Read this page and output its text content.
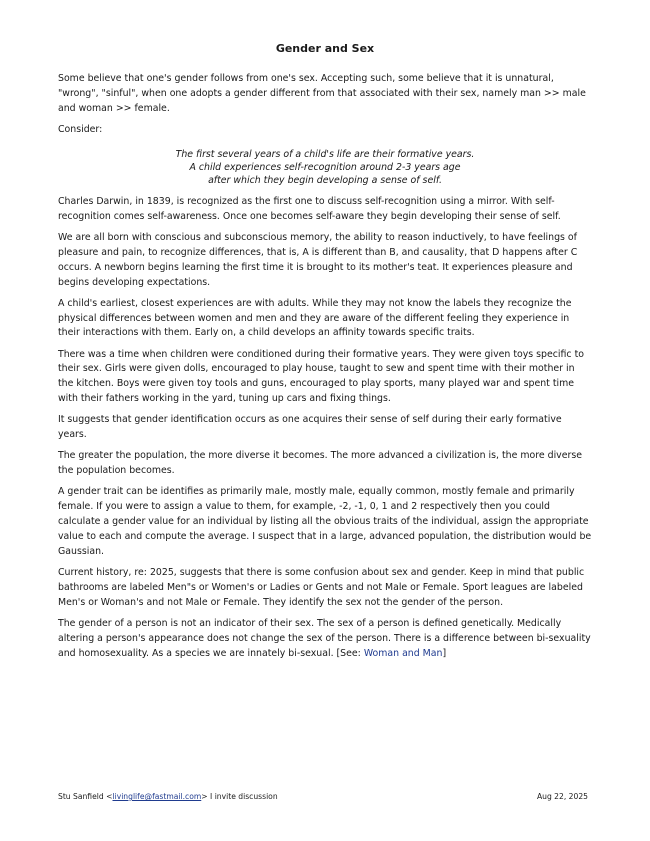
Gender and Sex

Some believe that one's gender follows from one's sex. Accepting such, some believe that it is unnatural, "wrong", "sinful", when one adopts a gender different from that associated with their sex, namely man >> male and woman >> female.

Consider:

The first several years of a child's life are their formative years.
A child experiences self-recognition around 2-3 years age
after which they begin developing a sense of self.

Charles Darwin, in 1839, is recognized as the first one to discuss self-recognition using a mirror. With self-recognition comes self-awareness. Once one becomes self-aware they begin developing their sense of self.

We are all born with conscious and subconscious memory, the ability to reason inductively, to have feelings of pleasure and pain, to recognize differences, that is, A is different than B, and causality, that D happens after C occurs. A newborn begins learning the first time it is brought to its mother's teat. It experiences pleasure and begins developing expectations.

A child's earliest, closest experiences are with adults. While they may not know the labels they recognize the physical differences between women and men and they are aware of the different feeling they experience in their interactions with them. Early on, a child develops an affinity towards specific traits.

There was a time when children were conditioned during their formative years. They were given toys specific to their sex. Girls were given dolls, encouraged to play house, taught to sew and spent time with their mother in the kitchen. Boys were given toy tools and guns, encouraged to play sports, many played war and spent time with their fathers working in the yard, tuning up cars and fixing things.

It suggests that gender identification occurs as one acquires their sense of self during their early formative years.

The greater the population, the more diverse it becomes. The more advanced a civilization is, the more diverse the population becomes.

A gender trait can be identifies as primarily male, mostly male, equally common, mostly female and primarily female. If you were to assign a value to them, for example, -2, -1, 0, 1 and 2 respectively then you could calculate a gender value for an individual by listing all the obvious traits of the individual, assign the appropriate value to each and compute the average. I suspect that in a large, advanced population, the distribution would be Gaussian.

Current history, re: 2025, suggests that there is some confusion about sex and gender. Keep in mind that public bathrooms are labeled Men"s or Women's or Ladies or Gents and not Male or Female. Sport leagues are labeled Men's or Woman's and not Male or Female. They identify the sex not the gender of the person.

The gender of a person is not an indicator of their sex. The sex of a person is defined genetically. Medically altering a person's appearance does not change the sex of the person. There is a difference between bi-sexuality and homosexuality. As a species we are innately bi-sexual. [See: Woman and Man]

Stu Sanfield <livinglife@fastmail.com> I invite discussion	Aug 22, 2025
